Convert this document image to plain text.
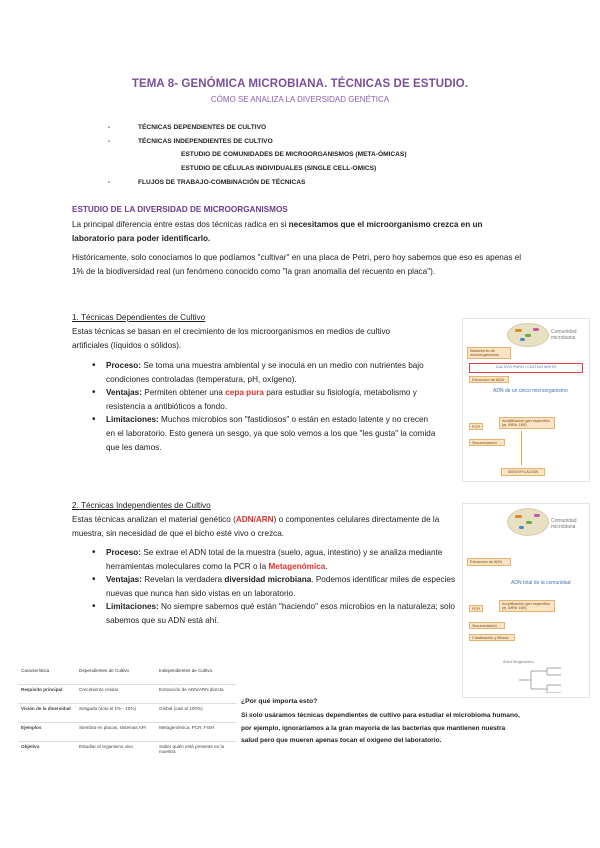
TEMA 8- GENÓMICA MICROBIANA. TÉCNICAS DE ESTUDIO.
CÓMO SE ANALIZA LA DIVERSIDAD GENÉTICA
-	TÉCNICAS DEPENDIENTES DE CULTIVO
-	TÉCNICAS INDEPENDIENTES DE CULTIVO
ESTUDIO DE COMUNIDADES DE MICROORGANISMOS (META-ÓMICAS)
ESTUDIO DE CÉLULAS INDIVIDUALES (SINGLE CELL-OMICS)
-	FLUJOS DE TRABAJO-COMBINACIÓN DE TÉCNICAS
ESTUDIO DE LA DIVERSIDAD DE MICROORGANISMOS
La principal diferencia entre estas dos técnicas radica en si necesitamos que el microorganismo crezca en un laboratorio para poder identificarlo.
Históricamente, solo conocíamos lo que podíamos "cultivar" en una placa de Petri, pero hoy sabemos que eso es apenas el 1% de la biodiversidad real (un fenómeno conocido como "la gran anomalía del recuento en placa").
1. Técnicas Dependientes de Cultivo
Estas técnicas se basan en el crecimiento de los microorganismos en medios de cultivo artificiales (líquidos o sólidos).
• Proceso: Se toma una muestra ambiental y se inocula en un medio con nutrientes bajo condiciones controladas (temperatura, pH, oxígeno).
• Ventajas: Permiten obtener una cepa pura para estudiar su fisiología, metabolismo y resistencia a antibióticos a fondo.
• Limitaciones: Muchos microbios son "fastidiosos" o están en estado latente y no crecen en el laboratorio. Esto genera un sesgo, ya que solo vemos a los que "les gusta" la comida que les damos.
Comunidad microbiana
Aislamiento de microorganismos
CULTIVO PURO / CULTIVO MIXTO
Extracción de ADN
ADN de un único microorganismo
PCR
Amplificación gen específico (ej. ARNr 16S)
Secuenciación
IDENTIFICACIÓN
2. Técnicas Independientes de Cultivo
Estas técnicas analizan el material genético (ADN/ARN) o componentes celulares directamente de la muestra, sin necesidad de que el bicho esté vivo o crezca.
• Proceso: Se extrae el ADN total de la muestra (suelo, agua, intestino) y se analiza mediante herramientas moleculares como la PCR o la Metagenómica.
• Ventajas: Revelan la verdadera diversidad microbiana. Podemos identificar miles de especies nuevas que nunca han sido vistas en un laboratorio.
• Limitaciones: No siempre sabemos qué están "haciendo" esos microbios en la naturaleza; solo sabemos que su ADN está ahí.
Comunidad microbiana
Extracción de ADN
ADN total de la comunidad
PCR
Amplificación gen específico (ej. ARNr 16S)
Secuenciación
Clasificación y filtrado
Árbol filogenético
Característica	Dependientes de Cultivo	Independientes de Cultivo
Requisito principal	Crecimiento celular	Extracción de ADN/ARN directa
Visión de la diversidad	Sesgada (solo el 1% - 10%)	Global (casi el 100%)
Ejemplos	Siembra en placas, sistemas API	Metagenómica, PCR, FISH
Objetivo	Estudiar el organismo vivo	Saber quién está presente en la muestra
¿Por qué importa esto?
Si solo usáramos técnicas dependientes de cultivo para estudiar el microbioma humano, por ejemplo, ignoraríamos a la gran mayoría de las bacterias que mantienen nuestra salud pero que mueren apenas tocan el oxígeno del laboratorio.
